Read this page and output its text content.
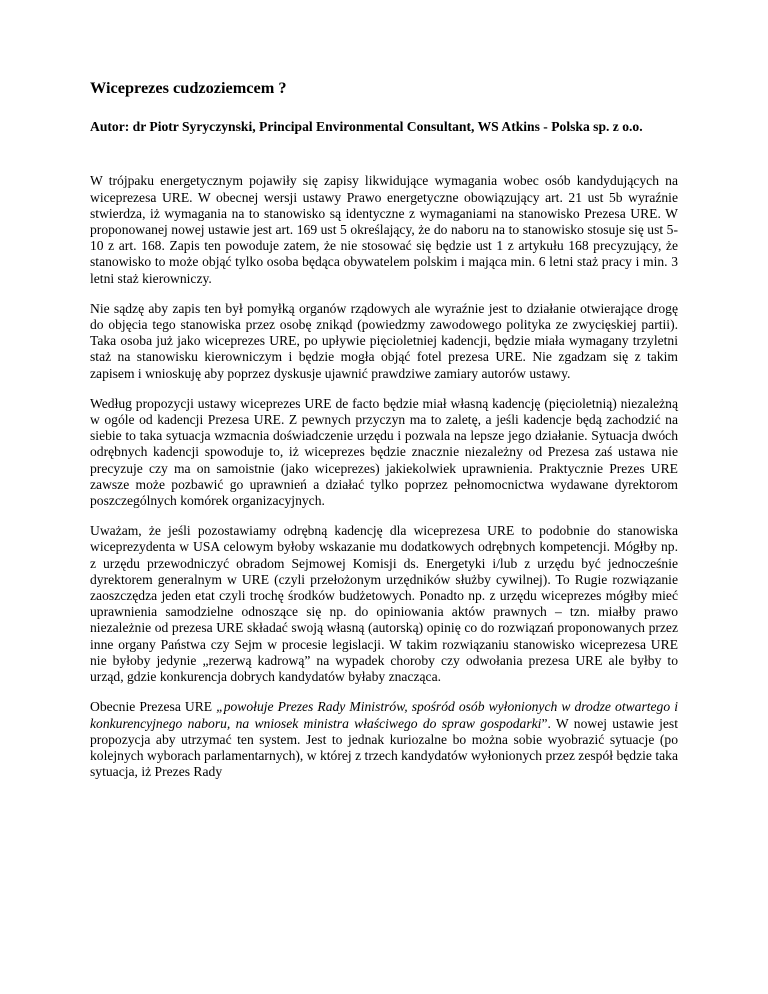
Wiceprezes cudzoziemcem ?

Autor: dr Piotr Syryczynski, Principal Environmental Consultant, WS Atkins - Polska sp. z o.o.

W trójpaku energetycznym pojawiły się zapisy likwidujące wymagania wobec osób kandydujących na wiceprezesa URE. W obecnej wersji ustawy Prawo energetyczne obowiązujący art. 21 ust 5b wyraźnie stwierdza, iż wymagania na to stanowisko są identyczne z wymaganiami na stanowisko Prezesa URE. W proponowanej nowej ustawie jest art. 169 ust 5 określający, że do naboru na to stanowisko stosuje się ust 5-10 z art. 168. Zapis ten powoduje zatem, że nie stosować się będzie ust 1 z artykułu 168 precyzujący, że stanowisko to może objąć tylko osoba będąca obywatelem polskim i mająca min. 6 letni staż pracy i min. 3 letni staż kierowniczy.

Nie sądzę aby zapis ten był pomyłką organów rządowych ale wyraźnie jest to działanie otwierające drogę do objęcia tego stanowiska przez osobę znikąd (powiedzmy zawodowego polityka ze zwycięskiej partii). Taka osoba już jako wiceprezes URE, po upływie pięcioletniej kadencji, będzie miała wymagany trzyletni staż na stanowisku kierowniczym i będzie mogła objąć fotel prezesa URE. Nie zgadzam się z takim zapisem i wnioskuję aby poprzez dyskusje ujawnić prawdziwe zamiary autorów ustawy.

Według propozycji ustawy wiceprezes URE de facto będzie miał własną kadencję (pięcioletnią) niezależną w ogóle od kadencji Prezesa URE. Z pewnych przyczyn ma to zaletę, a jeśli kadencje będą zachodzić na siebie to taka sytuacja wzmacnia doświadczenie urzędu i pozwala na lepsze jego działanie. Sytuacja dwóch odrębnych kadencji spowoduje to, iż wiceprezes będzie znacznie niezależny od Prezesa zaś ustawa nie precyzuje czy ma on samoistnie (jako wiceprezes) jakiekolwiek uprawnienia. Praktycznie Prezes URE zawsze może pozbawić go uprawnień a działać tylko poprzez pełnomocnictwa wydawane dyrektorom poszczególnych komórek organizacyjnych.

Uważam, że jeśli pozostawiamy odrębną kadencję dla wiceprezesa URE to podobnie do stanowiska wiceprezydenta w USA celowym byłoby wskazanie mu dodatkowych odrębnych kompetencji. Mógłby np. z urzędu przewodniczyć obradom Sejmowej Komisji ds. Energetyki i/lub z urzędu być jednocześnie dyrektorem generalnym w URE (czyli przełożonym urzędników służby cywilnej). To Rugie rozwiązanie zaoszczędza jeden etat czyli trochę środków budżetowych. Ponadto np. z urzędu wiceprezes mógłby mieć uprawnienia samodzielne odnoszące się np. do opiniowania aktów prawnych – tzn. miałby prawo niezależnie od prezesa URE składać swoją własną (autorską) opinię co do rozwiązań proponowanych przez inne organy Państwa czy Sejm w procesie legislacji. W takim rozwiązaniu stanowisko wiceprezesa URE nie byłoby jedynie „rezerwą kadrową” na wypadek choroby czy odwołania prezesa URE ale byłby to urząd, gdzie konkurencja dobrych kandydatów byłaby znacząca.

Obecnie Prezesa URE „powołuje Prezes Rady Ministrów, spośród osób wyłonionych w drodze otwartego i konkurencyjnego naboru, na wniosek ministra właściwego do spraw gospodarki”. W nowej ustawie jest propozycja aby utrzymać ten system. Jest to jednak kuriozalne bo można sobie wyobrazić sytuacje (po kolejnych wyborach parlamentarnych), w której z trzech kandydatów wyłonionych przez zespół będzie taka sytuacja, iż Prezes Rady
